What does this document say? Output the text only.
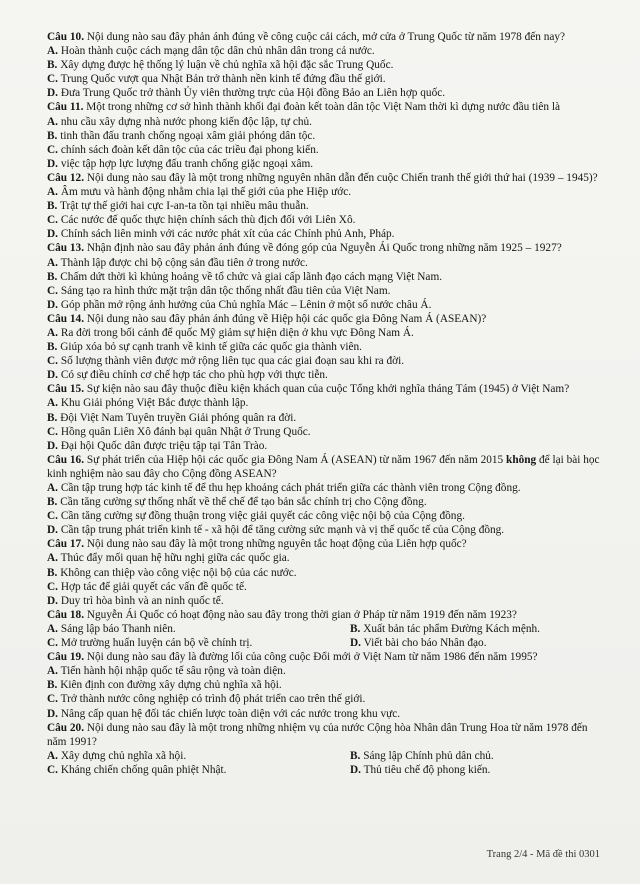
Câu 10. Nội dung nào sau đây phản ánh đúng về công cuộc cải cách, mở cửa ở Trung Quốc từ năm 1978 đến nay?

A. Hoàn thành cuộc cách mạng dân tộc dân chủ nhân dân trong cả nước.

B. Xây dựng được hệ thống lý luận về chủ nghĩa xã hội đặc sắc Trung Quốc.

C. Trung Quốc vượt qua Nhật Bản trở thành nền kinh tế đứng đầu thế giới.

D. Đưa Trung Quốc trở thành Ủy viên thường trực của Hội đồng Bảo an Liên hợp quốc.

Câu 11. Một trong những cơ sở hình thành khối đại đoàn kết toàn dân tộc Việt Nam thời kì dựng nước đầu tiên là

A. nhu cầu xây dựng nhà nước phong kiến độc lập, tự chủ.

B. tinh thần đấu tranh chống ngoại xâm giải phóng dân tộc.

C. chính sách đoàn kết dân tộc của các triều đại phong kiến.

D. việc tập hợp lực lượng đấu tranh chống giặc ngoại xâm.

Câu 12. Nội dung nào sau đây là một trong những nguyên nhân dẫn đến cuộc Chiến tranh thế giới thứ hai (1939 – 1945)?

A. Âm mưu và hành động nhằm chia lại thế giới của phe Hiệp ước.

B. Trật tự thế giới hai cực I-an-ta tồn tại nhiều mâu thuẫn.

C. Các nước đế quốc thực hiện chính sách thù địch đối với Liên Xô.

D. Chính sách liên minh với các nước phát xít của các Chính phủ Anh, Pháp.

Câu 13. Nhận định nào sau đây phản ánh đúng về đóng góp của Nguyễn Ái Quốc trong những năm 1925 – 1927?

A. Thành lập được chi bộ cộng sản đầu tiên ở trong nước.

B. Chấm dứt thời kì khủng hoảng về tổ chức và giai cấp lãnh đạo cách mạng Việt Nam.

C. Sáng tạo ra hình thức mặt trận dân tộc thống nhất đầu tiên của Việt Nam.

D. Góp phần mở rộng ảnh hưởng của Chủ nghĩa Mác – Lênin ở một số nước châu Á.

Câu 14. Nội dung nào sau đây phản ánh đúng về Hiệp hội các quốc gia Đông Nam Á (ASEAN)?

A. Ra đời trong bối cảnh để quốc Mỹ giảm sự hiện diện ở khu vực Đông Nam Á.

B. Giúp xóa bỏ sự cạnh tranh về kinh tế giữa các quốc gia thành viên.

C. Số lượng thành viên được mở rộng liên tục qua các giai đoạn sau khi ra đời.

D. Có sự điều chỉnh cơ chế hợp tác cho phù hợp với thực tiễn.

Câu 15. Sự kiện nào sau đây thuộc điều kiện khách quan của cuộc Tổng khởi nghĩa tháng Tám (1945) ở Việt Nam?

A. Khu Giải phóng Việt Bắc được thành lập.

B. Đội Việt Nam Tuyên truyền Giải phóng quân ra đời.

C. Hồng quân Liên Xô đánh bại quân Nhật ở Trung Quốc.

D. Đại hội Quốc dân được triệu tập tại Tân Trào.

Câu 16. Sự phát triển của Hiệp hội các quốc gia Đông Nam Á (ASEAN) từ năm 1967 đến năm 2015 không để lại bài học kinh nghiệm nào sau đây cho Cộng đồng ASEAN?

A. Cần tập trung hợp tác kinh tế để thu hẹp khoảng cách phát triển giữa các thành viên trong Cộng đồng.

B. Cần tăng cường sự thống nhất về thể chế để tạo bản sắc chính trị cho Cộng đồng.

C. Cần tăng cường sự đồng thuận trong việc giải quyết các công việc nội bộ của Cộng đồng.

D. Cần tập trung phát triển kinh tế - xã hội để tăng cường sức mạnh và vị thế quốc tế của Cộng đồng.

Câu 17. Nội dung nào sau đây là một trong những nguyên tắc hoạt động của Liên hợp quốc?

A. Thúc đẩy mối quan hệ hữu nghị giữa các quốc gia.

B. Không can thiệp vào công việc nội bộ của các nước.

C. Hợp tác để giải quyết các vấn đề quốc tế.

D. Duy trì hòa bình và an ninh quốc tế.

Câu 18. Nguyễn Ái Quốc có hoạt động nào sau đây trong thời gian ở Pháp từ năm 1919 đến năm 1923?

A. Sáng lập báo Thanh niên.	B. Xuất bản tác phẩm Đường Kách mệnh.

C. Mở trường huấn luyện cán bộ về chính trị.	D. Viết bài cho báo Nhân đạo.

Câu 19. Nội dung nào sau đây là đường lối của công cuộc Đổi mới ở Việt Nam từ năm 1986 đến năm 1995?

A. Tiến hành hội nhập quốc tế sâu rộng và toàn diện.

B. Kiên định con đường xây dựng chủ nghĩa xã hội.

C. Trở thành nước công nghiệp có trình độ phát triển cao trên thế giới.

D. Nâng cấp quan hệ đối tác chiến lược toàn diện với các nước trong khu vực.

Câu 20. Nội dung nào sau đây là một trong những nhiệm vụ của nước Cộng hòa Nhân dân Trung Hoa từ năm 1978 đến năm 1991?

A. Xây dựng chủ nghĩa xã hội.	B. Sáng lập Chính phủ dân chủ.

C. Kháng chiến chống quân phiệt Nhật.	D. Thủ tiêu chế độ phong kiến.

Trang 2/4 - Mã đề thi 0301
